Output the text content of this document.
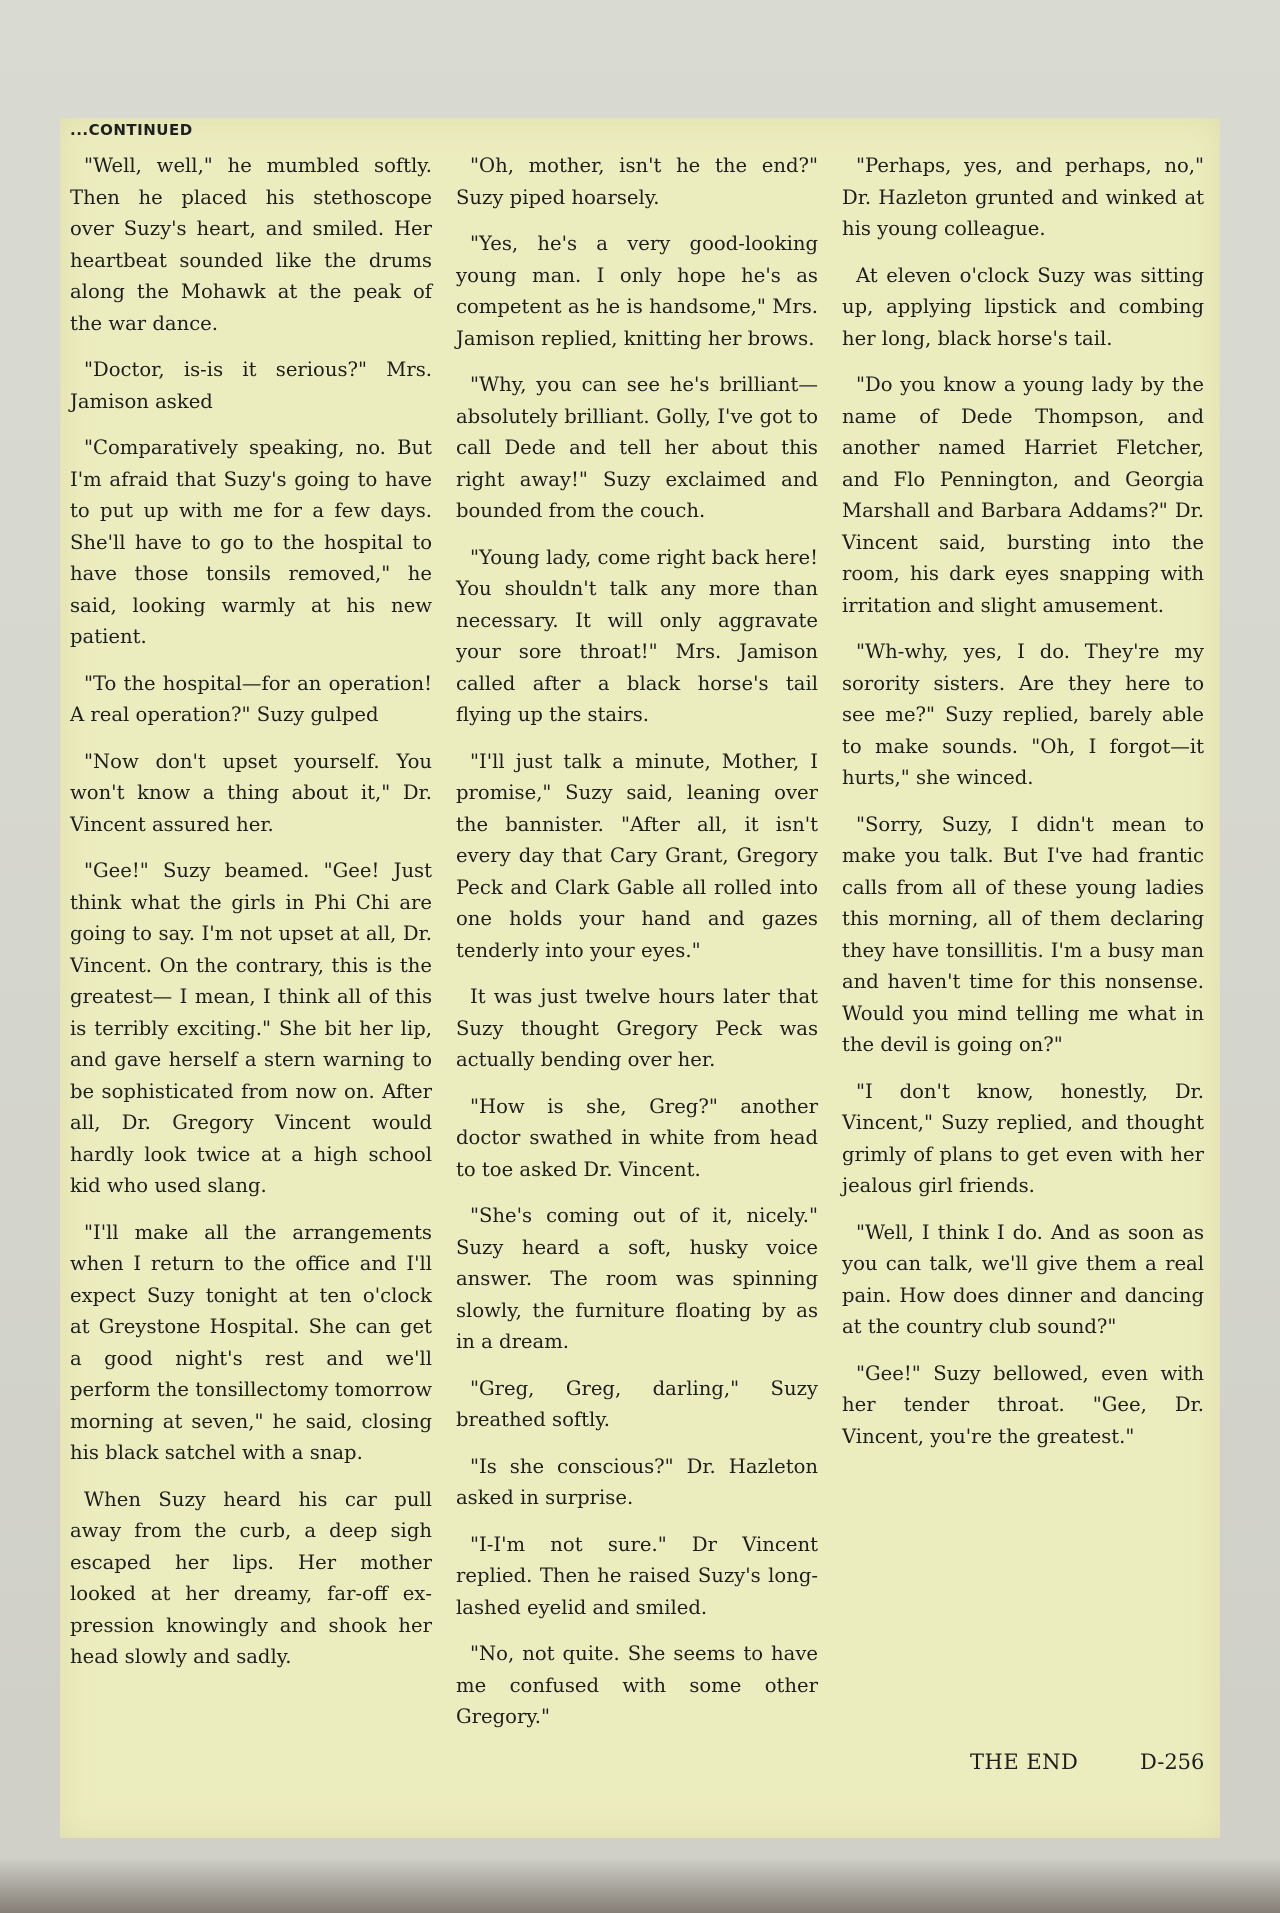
...CONTINUED

"Well, well," he mumbled softly. Then he placed his stethoscope over Suzy's heart, and smiled. Her heartbeat sounded like the drums along the Mohawk at the peak of the war dance.

"Doctor, is-is it serious?" Mrs. Jamison asked

"Comparatively speaking, no. But I'm afraid that Suzy's going to have to put up with me for a few days. She'll have to go to the hospital to have those tonsils removed," he said, looking warmly at his new patient.

"To the hospital—for an operation! A real operation?" Suzy gulped

"Now don't upset yourself. You won't know a thing about it," Dr. Vincent assured her.

"Gee!" Suzy beamed. "Gee! Just think what the girls in Phi Chi are going to say. I'm not upset at all, Dr. Vincent. On the contrary, this is the greatest— I mean, I think all of this is terribly exciting." She bit her lip, and gave herself a stern warning to be sophisticated from now on. After all, Dr. Gregory Vincent would hardly look twice at a high school kid who used slang.

"I'll make all the arrangements when I return to the office and I'll expect Suzy tonight at ten o'clock at Greystone Hospital. She can get a good night's rest and we'll perform the tonsillectomy tomorrow morning at seven," he said, closing his black satchel with a snap.

When Suzy heard his car pull away from the curb, a deep sigh escaped her lips. Her mother looked at her dreamy, far-off expression knowingly and shook her head slowly and sadly.

"Oh, mother, isn't he the end?" Suzy piped hoarsely.

"Yes, he's a very good-looking young man. I only hope he's as competent as he is handsome," Mrs. Jamison replied, knitting her brows.

"Why, you can see he's brilliant—absolutely brilliant. Golly, I've got to call Dede and tell her about this right away!" Suzy exclaimed and bounded from the couch.

"Young lady, come right back here! You shouldn't talk any more than necessary. It will only aggravate your sore throat!" Mrs. Jamison called after a black horse's tail flying up the stairs.

"I'll just talk a minute, Mother, I promise," Suzy said, leaning over the bannister. "After all, it isn't every day that Cary Grant, Gregory Peck and Clark Gable all rolled into one holds your hand and gazes tenderly into your eyes."

It was just twelve hours later that Suzy thought Gregory Peck was actually bending over her.

"How is she, Greg?" another doctor swathed in white from head to toe asked Dr. Vincent.

"She's coming out of it, nicely." Suzy heard a soft, husky voice answer. The room was spinning slowly, the furniture floating by as in a dream.

"Greg, Greg, darling," Suzy breathed softly.

"Is she conscious?" Dr. Hazleton asked in surprise.

"I-I'm not sure." Dr Vincent replied. Then he raised Suzy's long-lashed eyelid and smiled.

"No, not quite. She seems to have me confused with some other Gregory."

"Perhaps, yes, and perhaps, no," Dr. Hazleton grunted and winked at his young colleague.

At eleven o'clock Suzy was sitting up, applying lipstick and combing her long, black horse's tail.

"Do you know a young lady by the name of Dede Thompson, and another named Harriet Fletcher, and Flo Pennington, and Georgia Marshall and Barbara Addams?" Dr. Vincent said, bursting into the room, his dark eyes snapping with irritation and slight amusement.

"Wh-why, yes, I do. They're my sorority sisters. Are they here to see me?" Suzy replied, barely able to make sounds. "Oh, I forgot—it hurts," she winced.

"Sorry, Suzy, I didn't mean to make you talk. But I've had frantic calls from all of these young ladies this morning, all of them declaring they have tonsillitis. I'm a busy man and haven't time for this nonsense. Would you mind telling me what in the devil is going on?"

"I don't know, honestly, Dr. Vincent," Suzy replied, and thought grimly of plans to get even with her jealous girl friends.

"Well, I think I do. And as soon as you can talk, we'll give them a real pain. How does dinner and dancing at the country club sound?"

"Gee!" Suzy bellowed, even with her tender throat. "Gee, Dr. Vincent, you're the greatest."

THE END	D-256
